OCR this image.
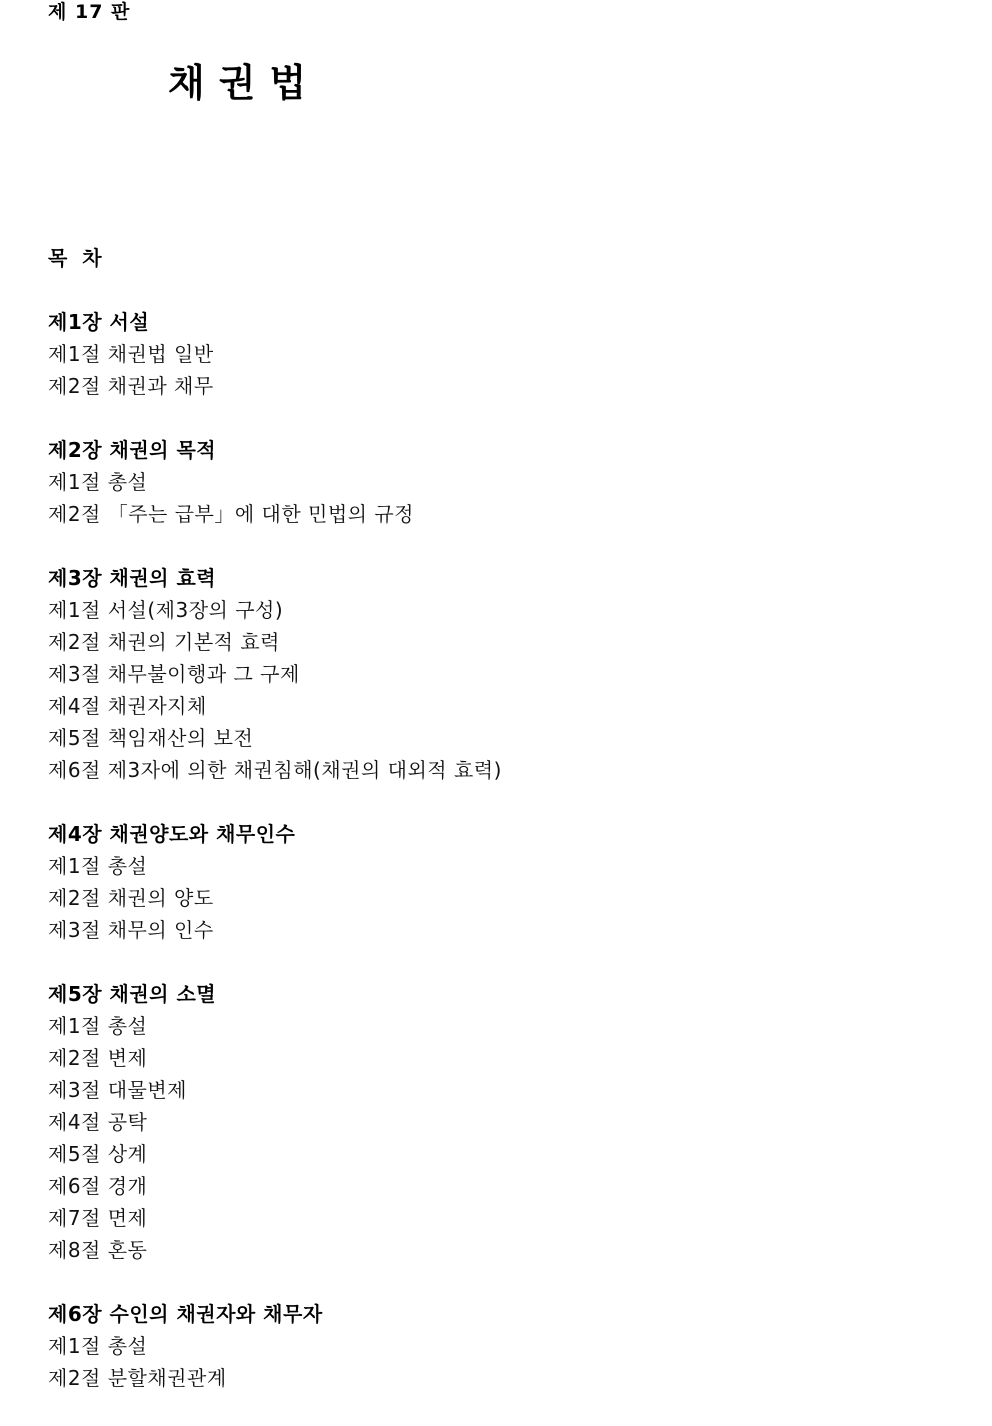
제 17 판
채권법
목 차
제1장 서설
제1절 채권법 일반
제2절 채권과 채무
제2장 채권의 목적
제1절 총설
제2절 「주는 급부」에 대한 민법의 규정
제3장 채권의 효력
제1절 서설(제3장의 구성)
제2절 채권의 기본적 효력
제3절 채무불이행과 그 구제
제4절 채권자지체
제5절 책임재산의 보전
제6절 제3자에 의한 채권침해(채권의 대외적 효력)
제4장 채권양도와 채무인수
제1절 총설
제2절 채권의 양도
제3절 채무의 인수
제5장 채권의 소멸
제1절 총설
제2절 변제
제3절 대물변제
제4절 공탁
제5절 상계
제6절 경개
제7절 면제
제8절 혼동
제6장 수인의 채권자와 채무자
제1절 총설
제2절 분할채권관계
